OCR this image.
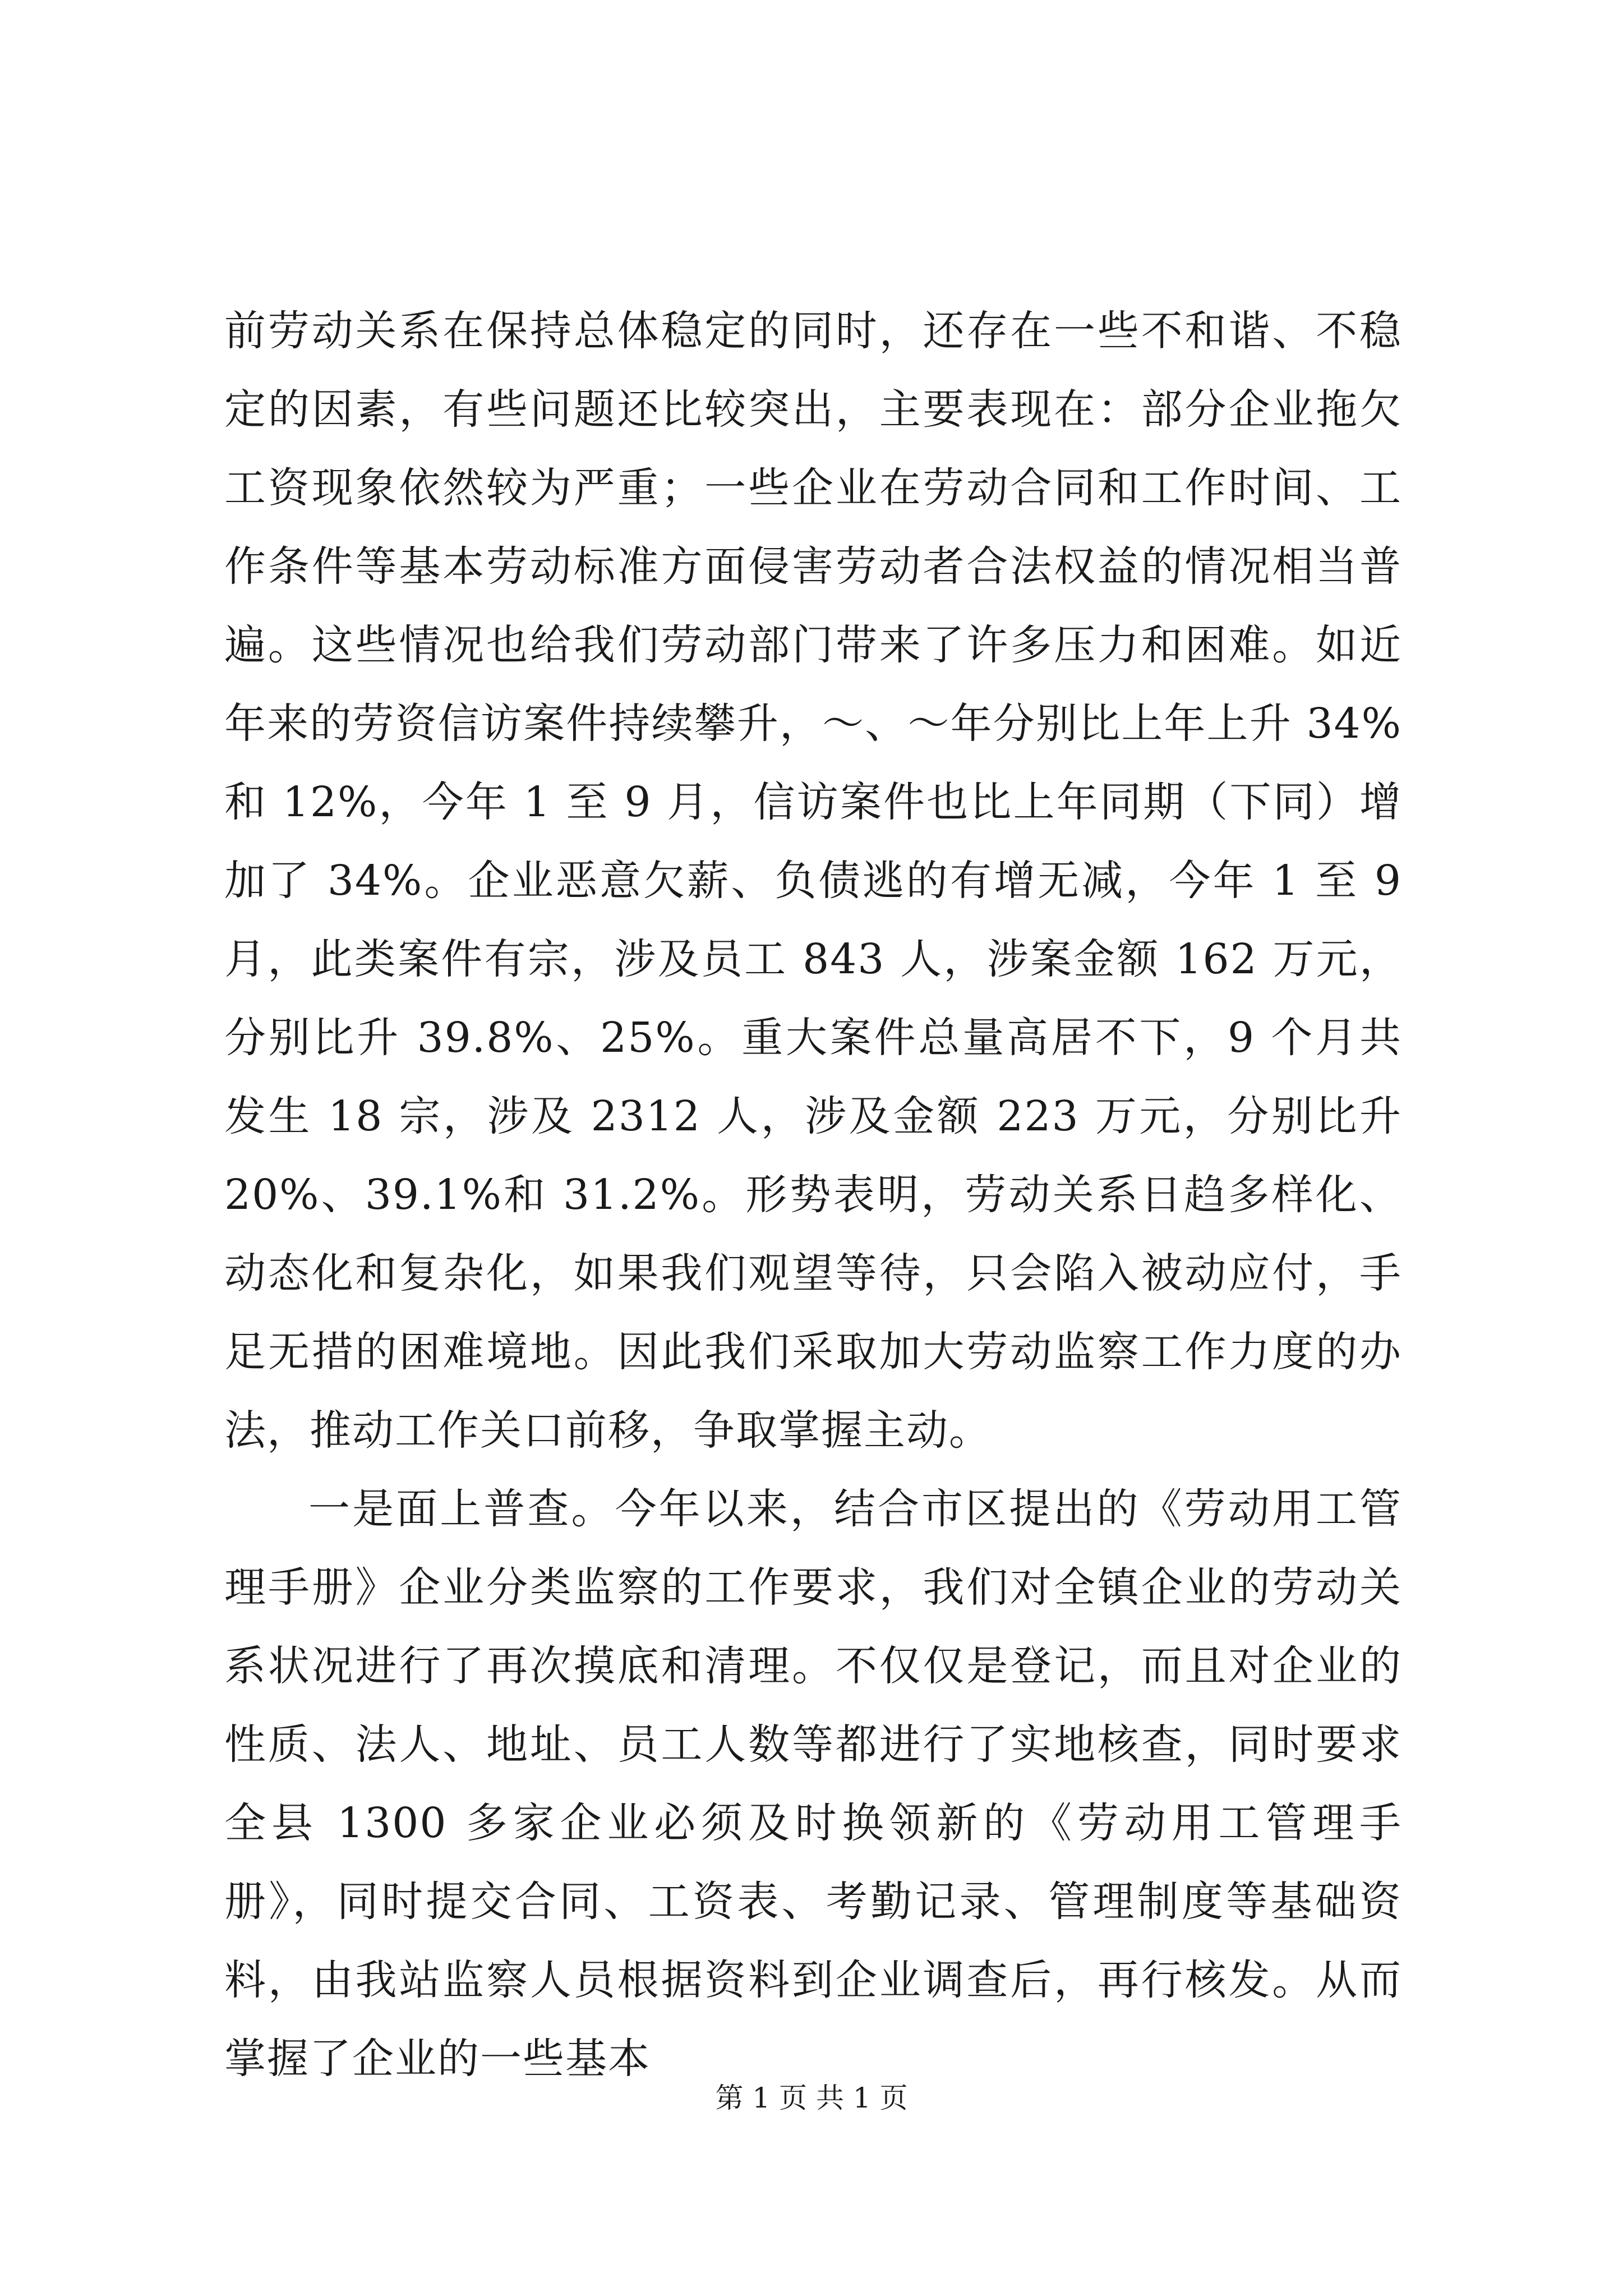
前劳动关系在保持总体稳定的同时，还存在一些不和谐、不稳定的因素，有些问题还比较突出，主要表现在：部分企业拖欠工资现象依然较为严重；一些企业在劳动合同和工作时间、工作条件等基本劳动标准方面侵害劳动者合法权益的情况相当普遍。这些情况也给我们劳动部门带来了许多压力和困难。如近年来的劳资信访案件持续攀升，～、～年分别比上年上升 34%和 12%，今年 1 至 9 月，信访案件也比上年同期（下同）增加了 34%。企业恶意欠薪、负债逃的有增无减，今年 1 至 9 月，此类案件有宗，涉及员工 843 人，涉案金额 162 万元，分别比升 39.8%、25%。重大案件总量高居不下，9 个月共发生 18 宗，涉及 2312 人，涉及金额 223 万元，分别比升 20%、39.1%和 31.2%。形势表明，劳动关系日趋多样化、动态化和复杂化，如果我们观望等待，只会陷入被动应付，手足无措的困难境地。因此我们采取加大劳动监察工作力度的办法，推动工作关口前移，争取掌握主动。

一是面上普查。今年以来，结合市区提出的《劳动用工管理手册》企业分类监察的工作要求，我们对全镇企业的劳动关系状况进行了再次摸底和清理。不仅仅是登记，而且对企业的性质、法人、地址、员工人数等都进行了实地核查，同时要求全县 1300 多家企业必须及时换领新的《劳动用工管理手册》，同时提交合同、工资表、考勤记录、管理制度等基础资料，由我站监察人员根据资料到企业调查后，再行核发。从而掌握了企业的一些基本

第 1 页 共 1 页
